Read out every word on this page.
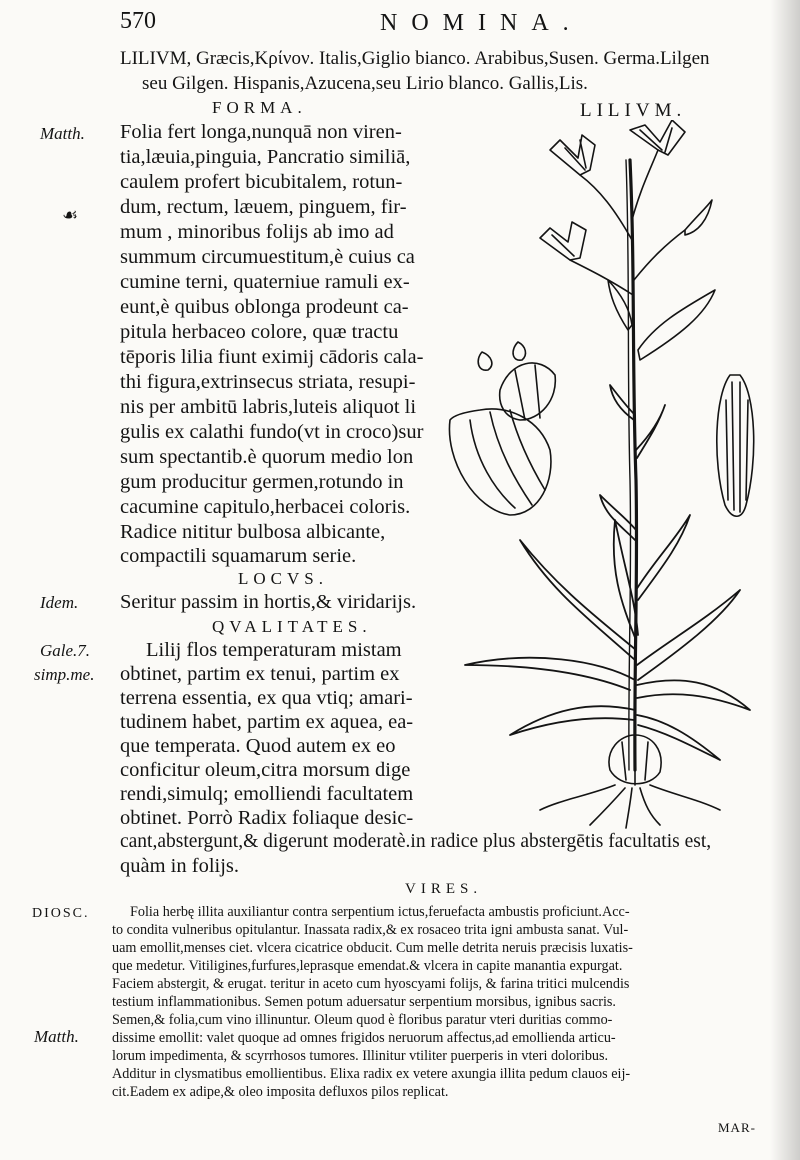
570	NOMINA.
LILIVM, Græcis,Κρίνον. Italis,Giglio bianco. Arabibus,Susen. Germa.Lilgen
seu Gilgen. Hispanis,Azucena,seu Lirio blanco. Gallis,Lis.
FORMA.
Matth.
☙
Folia fert longa,nunquā non viren-
tia,læuia,pinguia, Pancratio similiā,
caulem profert bicubitalem, rotun-
dum, rectum, læuem, pinguem, fir-
mum , minoribus folijs ab imo ad
summum circumuestitum,è cuius ca
cumine terni, quaterniue ramuli ex-
eunt,è quibus oblonga prodeunt ca-
pitula herbaceo colore, quæ tractu
tēporis lilia fiunt eximij cādoris cala-
thi figura,extrinsecus striata, resupi-
nis per ambitū labris,luteis aliquot li
gulis ex calathi fundo(vt in croco)sur
sum spectantib.è quorum medio lon
gum producitur germen,rotundo in
cacumine capitulo,herbacei coloris.
Radice nititur bulbosa albicante,
compactili squamarum serie.
LOCVS.
Idem. Seritur passim in hortis,& viridarijs.
QVALITATES.
Gale.7.
simp.me.
Lilij flos temperaturam mistam
obtinet, partim ex tenui, partim ex
terrena essentia, ex qua vtiq; amari-
tudinem habet, partim ex aquea, ea-
que temperata. Quod autem ex eo
conficitur oleum,citra morsum dige
rendi,simulq; emolliendi facultatem
obtinet. Porrò Radix foliaque desic-
cant,abstergunt,& digerunt moderatè.in radice plus abstergētis facultatis est,
quàm in folijs.
VIRES.
DIOSC.
Matth.
Folia herbę illita auxiliantur contra serpentium ictus,feruefacta ambustis proficiunt.Acc-
to condita vulneribus opitulantur. Inassata radix,& ex rosaceo trita igni ambusta sanat. Vul-
uam emollit,menses ciet. vlcera cicatrice obducit. Cum melle detrita neruis præcisis luxatis-
que medetur. Vitiligines,furfures,leprasque emendat.& vlcera in capite manantia expurgat.
Faciem abstergit, & erugat. teritur in aceto cum hyoscyami folijs, & farina tritici mulcendis
testium inflammationibus. Semen potum aduersatur serpentium morsibus, ignibus sacris.
Semen,& folia,cum vino illinuntur. Oleum quod è floribus paratur vteri duritias commo-
dissime emollit: valet quoque ad omnes frigidos neruorum affectus,ad emollienda articu-
lorum impedimenta, & scyrrhosos tumores. Illinitur vtiliter puerperis in vteri doloribus.
Additur in clysmatibus emollientibus. Elixa radix ex vetere axungia illita pedum clauos eij-
cit.Eadem ex adipe,& oleo imposita defluxos pilos replicat.
MAR-
LILIVM.
